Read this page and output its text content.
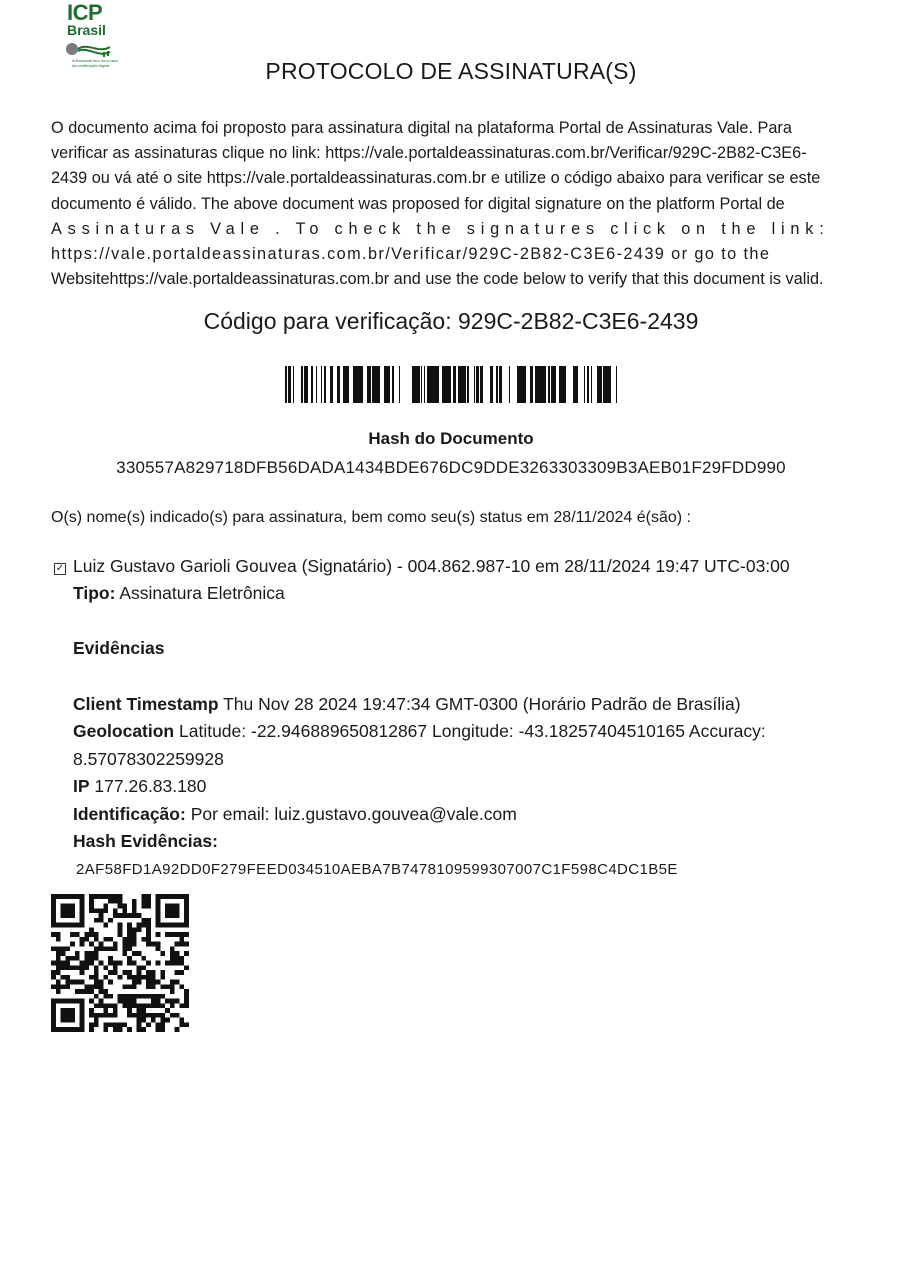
ICP
Brasil
A liberdade tem uma cara: da certificação digital	PROTOCOLO DE ASSINATURA(S)
O documento acima foi proposto para assinatura digital na plataforma Portal de Assinaturas Vale. Para
verificar as assinaturas clique no link: https://vale.portaldeassinaturas.com.br/Verificar/929C-2B82-C3E6-
2439 ou vá até o site https://vale.portaldeassinaturas.com.br e utilize o código abaixo para verificar se este
documento é válido. The above document was proposed for digital signature on the platform Portal de
Assinaturas Vale . To check the signatures click on the link:
https://vale.portaldeassinaturas.com.br/Verificar/929C-2B82-C3E6-2439 or go to the
Websitehttps://vale.portaldeassinaturas.com.br and use the code below to verify that this document is valid.
Código para verificação: 929C-2B82-C3E6-2439
Hash do Documento
330557A829718DFB56DADA1434BDE676DC9DDE3263303309B3AEB01F29FDD990
O(s) nome(s) indicado(s) para assinatura, bem como seu(s) status em 28/11/2024 é(são) :
✓ Luiz Gustavo Garioli Gouvea (Signatário) - 004.862.987-10 em 28/11/2024 19:47 UTC-03:00
Tipo: Assinatura Eletrônica
Evidências
Client Timestamp Thu Nov 28 2024 19:47:34 GMT-0300 (Horário Padrão de Brasília)
Geolocation Latitude: -22.946889650812867 Longitude: -43.18257404510165 Accuracy:
8.57078302259928
IP 177.26.83.180
Identificação: Por email: luiz.gustavo.gouvea@vale.com
Hash Evidências:
2AF58FD1A92DD0F279FEED034510AEBA7B7478109599307007C1F598C4DC1B5E
